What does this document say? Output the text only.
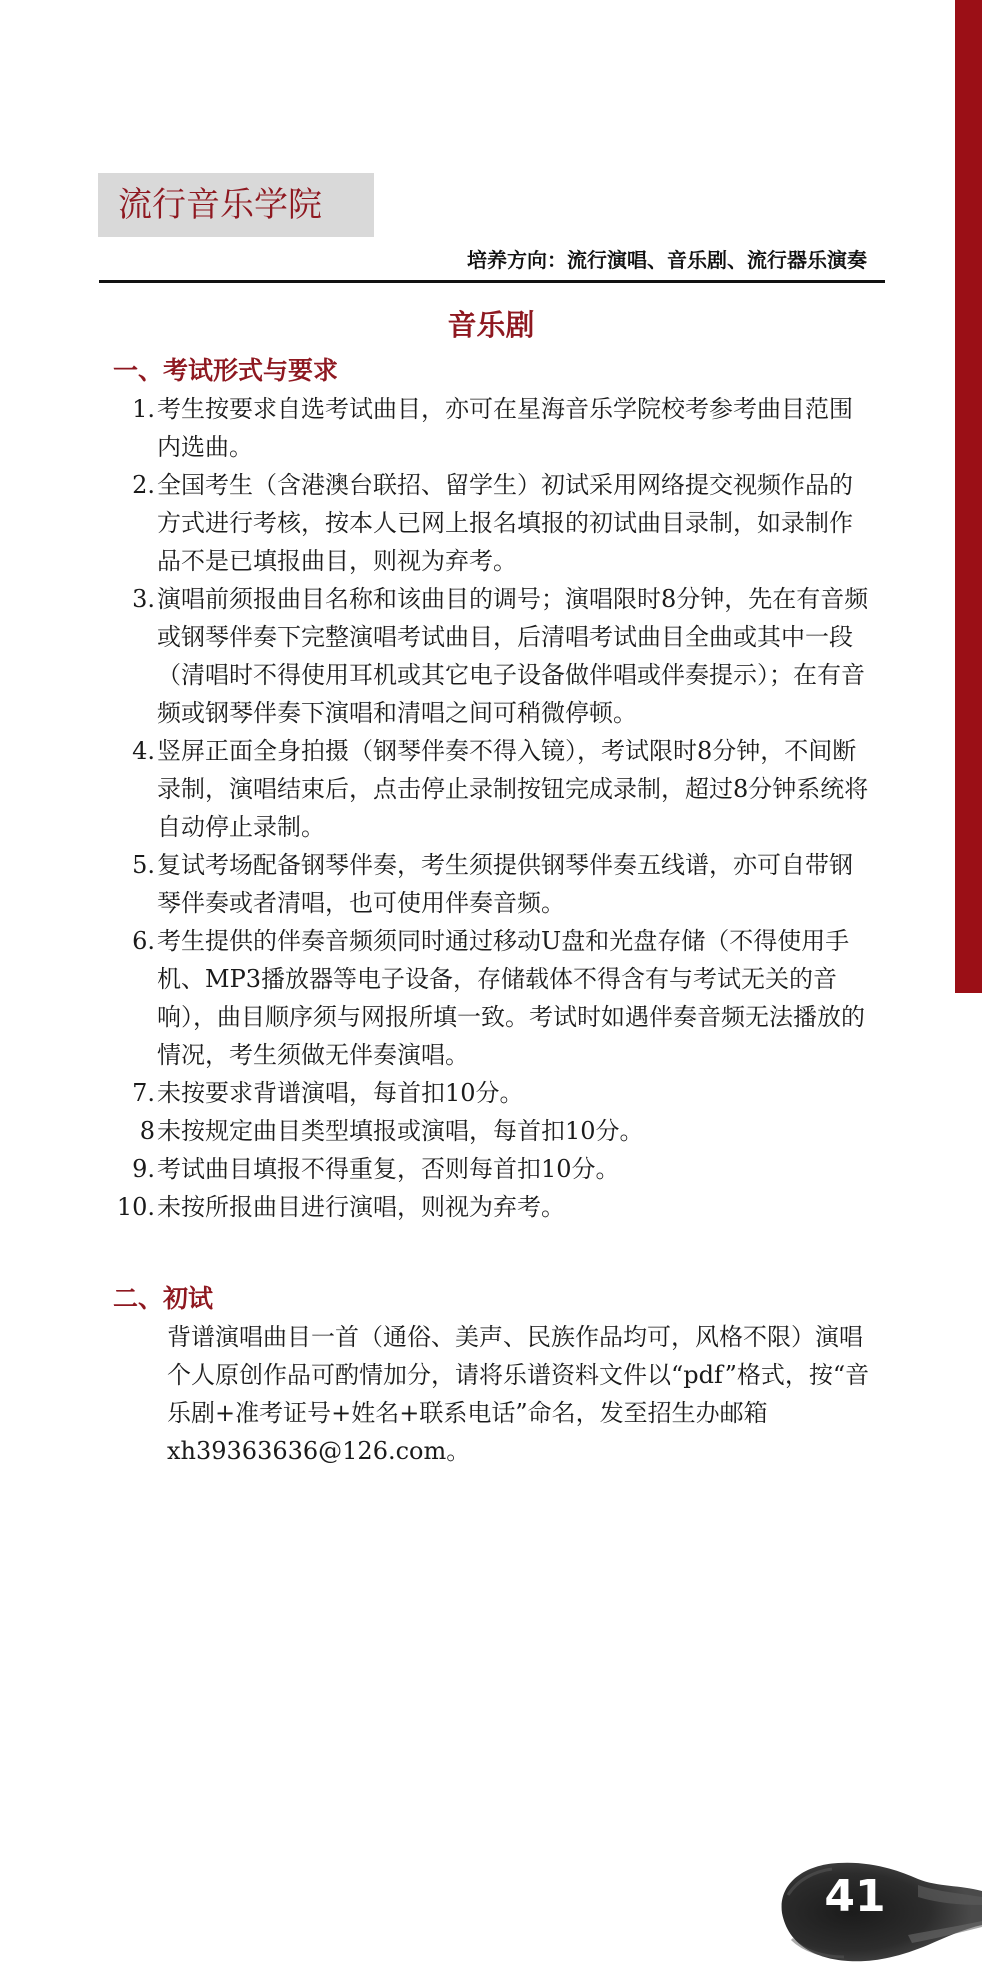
流行音乐学院
培养方向：流行演唱、音乐剧、流行器乐演奏
音乐剧
一、考试形式与要求
1. 考生按要求自选考试曲目，亦可在星海音乐学院校考参考曲目范围内选曲。
2. 全国考生（含港澳台联招、留学生）初试采用网络提交视频作品的方式进行考核，按本人已网上报名填报的初试曲目录制，如录制作品不是已填报曲目，则视为弃考。
3. 演唱前须报曲目名称和该曲目的调号；演唱限时8分钟，先在有音频或钢琴伴奏下完整演唱考试曲目，后清唱考试曲目全曲或其中一段（清唱时不得使用耳机或其它电子设备做伴唱或伴奏提示）；在有音频或钢琴伴奏下演唱和清唱之间可稍微停顿。
4. 竖屏正面全身拍摄（钢琴伴奏不得入镜），考试限时8分钟，不间断录制，演唱结束后，点击停止录制按钮完成录制，超过8分钟系统将自动停止录制。
5. 复试考场配备钢琴伴奏，考生须提供钢琴伴奏五线谱，亦可自带钢琴伴奏或者清唱，也可使用伴奏音频。
6. 考生提供的伴奏音频须同时通过移动U盘和光盘存储（不得使用手机、MP3播放器等电子设备，存储载体不得含有与考试无关的音响），曲目顺序须与网报所填一致。考试时如遇伴奏音频无法播放的情况，考生须做无伴奏演唱。
7. 未按要求背谱演唱，每首扣10分。
8 未按规定曲目类型填报或演唱，每首扣10分。
9. 考试曲目填报不得重复，否则每首扣10分。
10. 未按所报曲目进行演唱，则视为弃考。
二、初试

背谱演唱曲目一首（通俗、美声、民族作品均可，风格不限）演唱个人原创作品可酌情加分，请将乐谱资料文件以“pdf”格式，按“音乐剧+准考证号+姓名+联系电话”命名，发至招生办邮箱xh39363636@126.com。

41
